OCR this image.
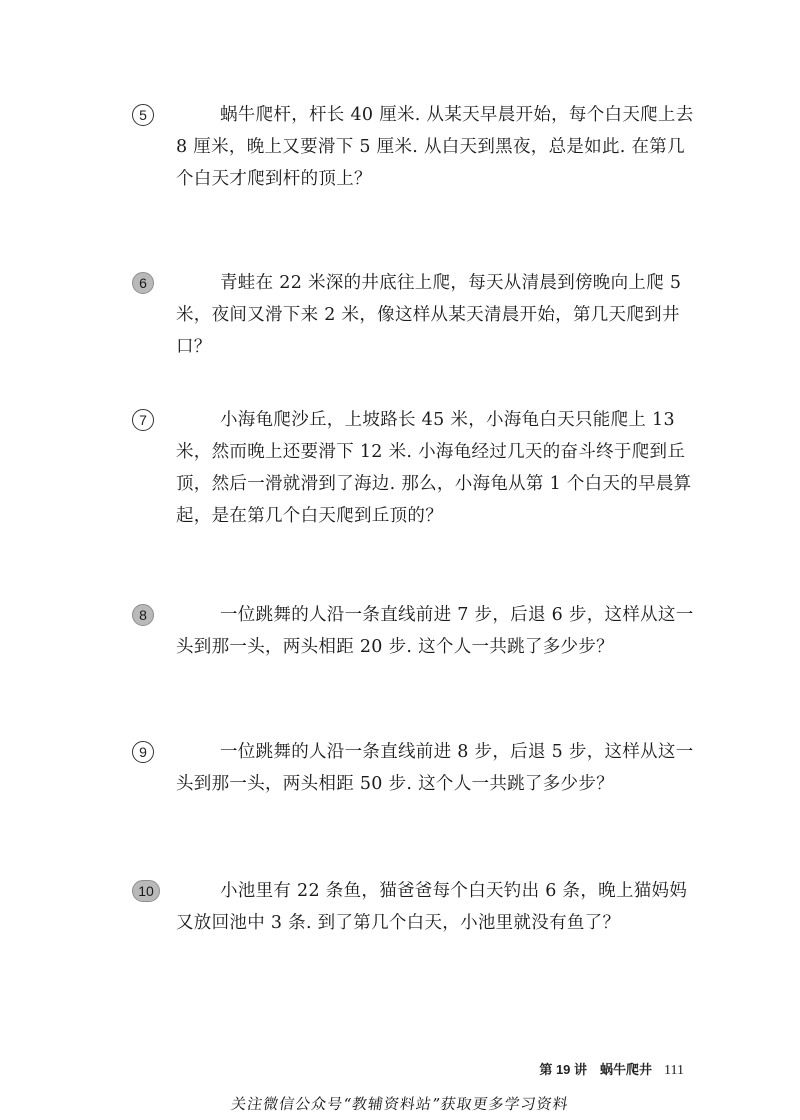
5	蜗牛爬杆，杆长 40 厘米. 从某天早晨开始，每个白天爬上去 8 厘米，晚上又要滑下 5 厘米. 从白天到黑夜，总是如此. 在第几个白天才爬到杆的顶上？
6	青蛙在 22 米深的井底往上爬，每天从清晨到傍晚向上爬 5 米，夜间又滑下来 2 米，像这样从某天清晨开始，第几天爬到井口？
7	小海龟爬沙丘，上坡路长 45 米，小海龟白天只能爬上 13 米，然而晚上还要滑下 12 米. 小海龟经过几天的奋斗终于爬到丘顶，然后一滑就滑到了海边. 那么，小海龟从第 1 个白天的早晨算起，是在第几个白天爬到丘顶的？
8	一位跳舞的人沿一条直线前进 7 步，后退 6 步，这样从这一头到那一头，两头相距 20 步. 这个人一共跳了多少步？
9	一位跳舞的人沿一条直线前进 8 步，后退 5 步，这样从这一头到那一头，两头相距 50 步. 这个人一共跳了多少步？
10	小池里有 22 条鱼，猫爸爸每个白天钓出 6 条，晚上猫妈妈又放回池中 3 条. 到了第几个白天，小池里就没有鱼了？
第 19 讲　蜗牛爬井 111
关注微信公众号“教辅资料站”获取更多学习资料
